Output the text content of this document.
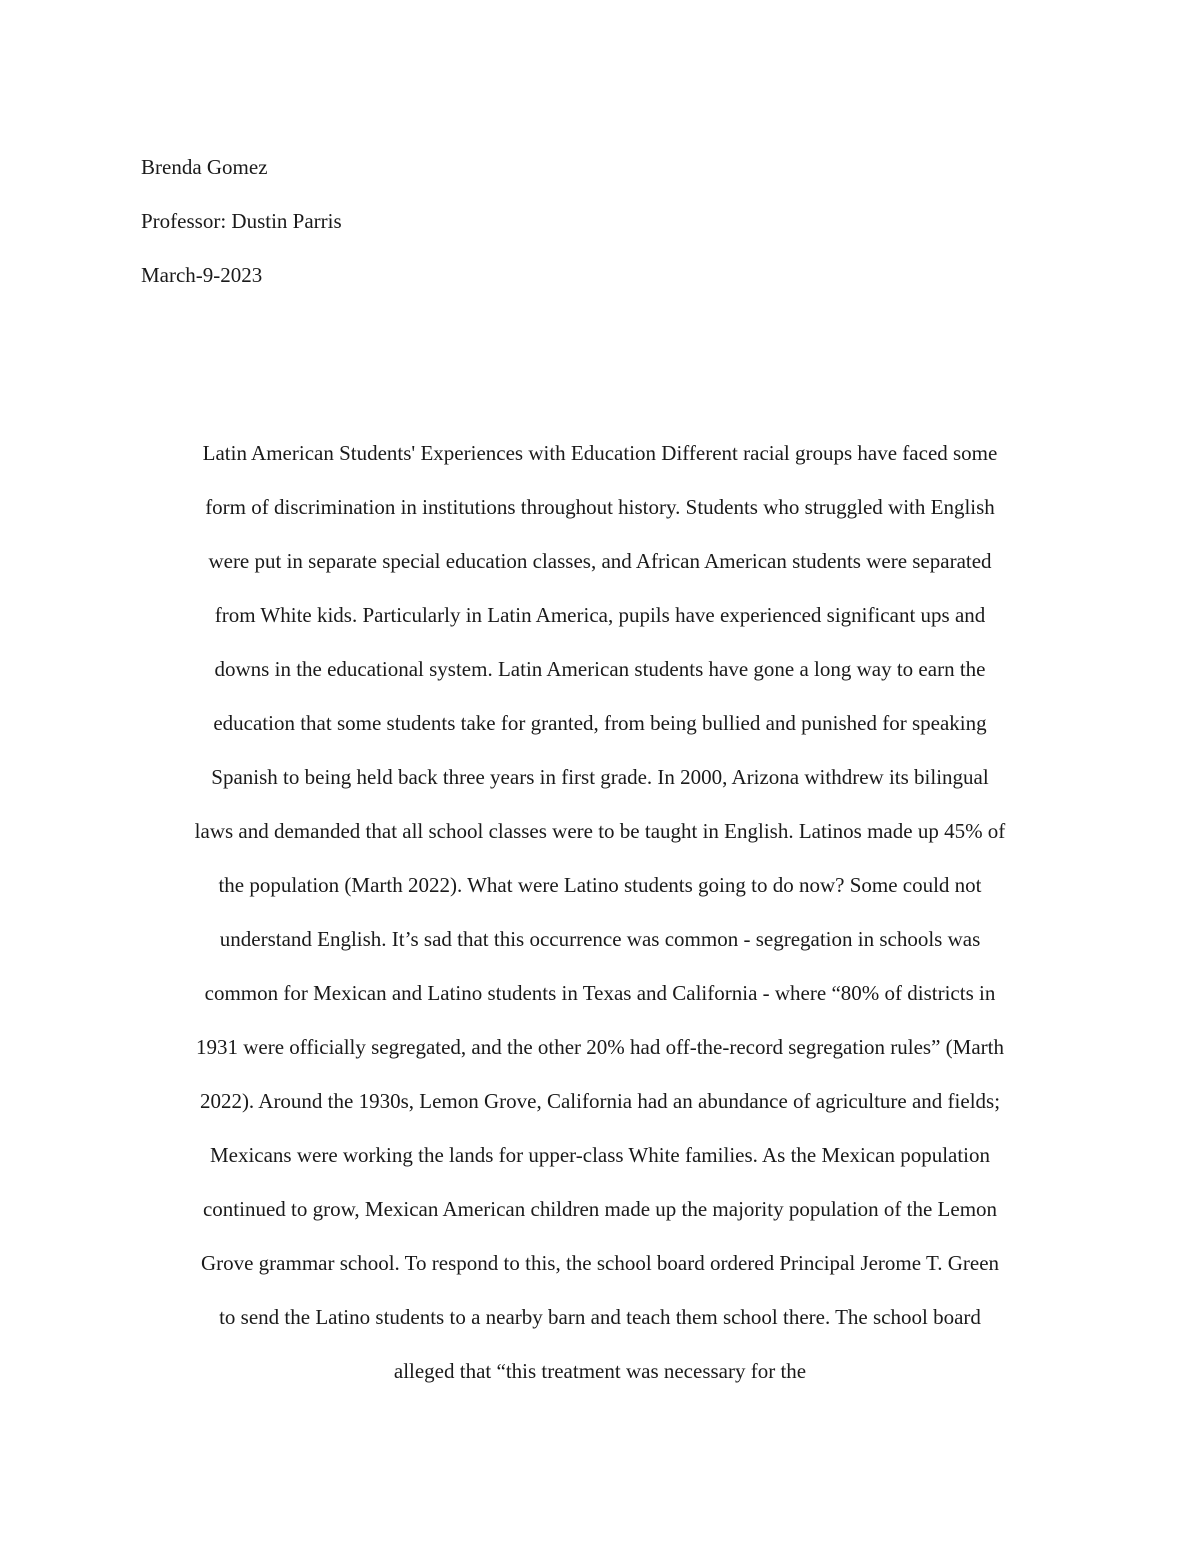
Brenda Gomez
Professor: Dustin Parris
March-9-2023
Latin American Students' Experiences with Education Different racial groups have faced some
form of discrimination in institutions throughout history. Students who struggled with English
were put in separate special education classes, and African American students were separated
from White kids. Particularly in Latin America, pupils have experienced significant ups and
downs in the educational system. Latin American students have gone a long way to earn the
education that some students take for granted, from being bullied and punished for speaking
Spanish to being held back three years in first grade. In 2000, Arizona withdrew its bilingual
laws and demanded that all school classes were to be taught in English. Latinos made up 45% of
the population (Marth 2022). What were Latino students going to do now? Some could not
understand English. It’s sad that this occurrence was common - segregation in schools was
common for Mexican and Latino students in Texas and California - where “80% of districts in
1931 were officially segregated, and the other 20% had off-the-record segregation rules” (Marth
2022). Around the 1930s, Lemon Grove, California had an abundance of agriculture and fields;
Mexicans were working the lands for upper-class White families. As the Mexican population
continued to grow, Mexican American children made up the majority population of the Lemon
Grove grammar school. To respond to this, the school board ordered Principal Jerome T. Green
to send the Latino students to a nearby barn and teach them school there. The school board
alleged that “this treatment was necessary for the
